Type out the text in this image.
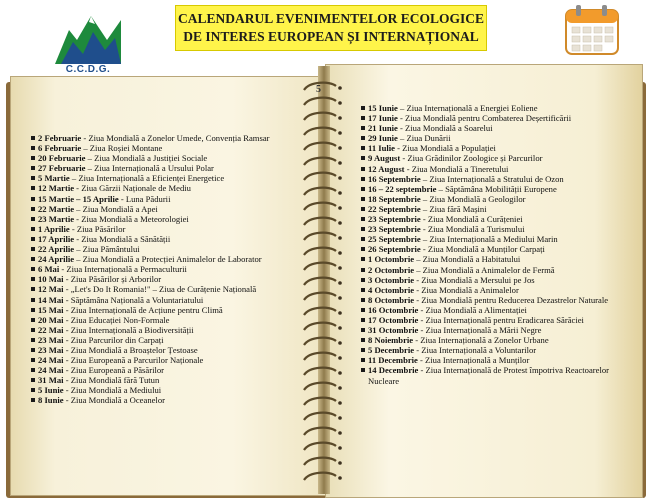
C.C.D.G.
CALENDARUL EVENIMENTELOR ECOLOGICE
DE INTERES EUROPEAN ȘI INTERNAȚIONAL
5
2 Februarie - Ziua Mondială a Zonelor Umede, Convenția Ramsar
6 Februarie – Ziua Roșiei Montane
20 Februarie – Ziua Mondială a Justiției Sociale
27 Februarie – Ziua Internațională a Ursului Polar
5 Martie – Ziua Internațională a Eficienței Energetice
12 Martie - Ziua Gărzii Naționale de Mediu
15 Martie – 15 Aprilie - Luna Pădurii
22 Martie – Ziua Mondială a Apei
23 Martie - Ziua Mondială a Meteorologiei
1 Aprilie - Ziua Păsărilor
17 Aprilie - Ziua Mondială a Sănătății
22 Aprilie – Ziua Pământului
24 Aprilie – Ziua Mondială a Protecției Animalelor de Laborator
6 Mai - Ziua Internațională a Permaculturii
10 Mai - Ziua Păsărilor și Arborilor
12 Mai - „Let's Do It Romania!" – Ziua de Curățenie Națională
14 Mai - Săptămâna Națională a Voluntariatului
15 Mai - Ziua Internațională de Acțiune pentru Climă
20 Mai - Ziua Educației Non-Formale
22 Mai - Ziua Internațională a Biodiversității
23 Mai - Ziua Parcurilor din Carpați
23 Mai - Ziua Mondială a Broaștelor Țestoase
24 Mai - Ziua Europeană a Parcurilor Naționale
24 Mai - Ziua Europeană a Păsărilor
31 Mai - Ziua Mondială fără Tutun
5 Iunie - Ziua Mondială a Mediului
8 Iunie - Ziua Mondială a Oceanelor
15 Iunie – Ziua Internațională a Energiei Eoliene
17 Iunie - Ziua Mondială pentru Combaterea Deșertificării
21 Iunie - Ziua Mondială a Soarelui
29 Iunie – Ziua Dunării
11 Iulie - Ziua Mondială a Populației
9 August - Ziua Grădinilor Zoologice și Parcurilor
12 August - Ziua Mondială a Tineretului
16 Septembrie – Ziua Internațională a Stratului de Ozon
16 – 22 septembrie – Săptămâna Mobilității Europene
18 Septembrie – Ziua Mondială a Geologilor
22 Septembrie – Ziua fără Mașini
23 Septembrie - Ziua Mondială a Curățeniei
23 Septembrie - Ziua Mondială a Turismului
25 Septembrie – Ziua Internațională a Mediului Marin
26 Septembrie - Ziua Mondială a Munților Carpați
1 Octombrie – Ziua Mondială a Habitatului
2 Octombrie – Ziua Mondială a Animalelor de Fermă
3 Octombrie - Ziua Mondială a Mersului pe Jos
4 Octombrie - Ziua Mondială a Animalelor
8 Octombrie - Ziua Mondială pentru Reducerea Dezastrelor Naturale
16 Octombrie - Ziua Mondială a Alimentației
17 Octombrie - Ziua Internațională pentru Eradicarea Sărăciei
31 Octombrie - Ziua Internațională a Mării Negre
8 Noiembrie - Ziua Internațională a Zonelor Urbane
5 Decembrie - Ziua Internațională a Voluntarilor
11 Decembrie - Ziua Internațională a Munților
14 Decembrie - Ziua Internațională de Protest împotriva Reactoarelor Nucleare
